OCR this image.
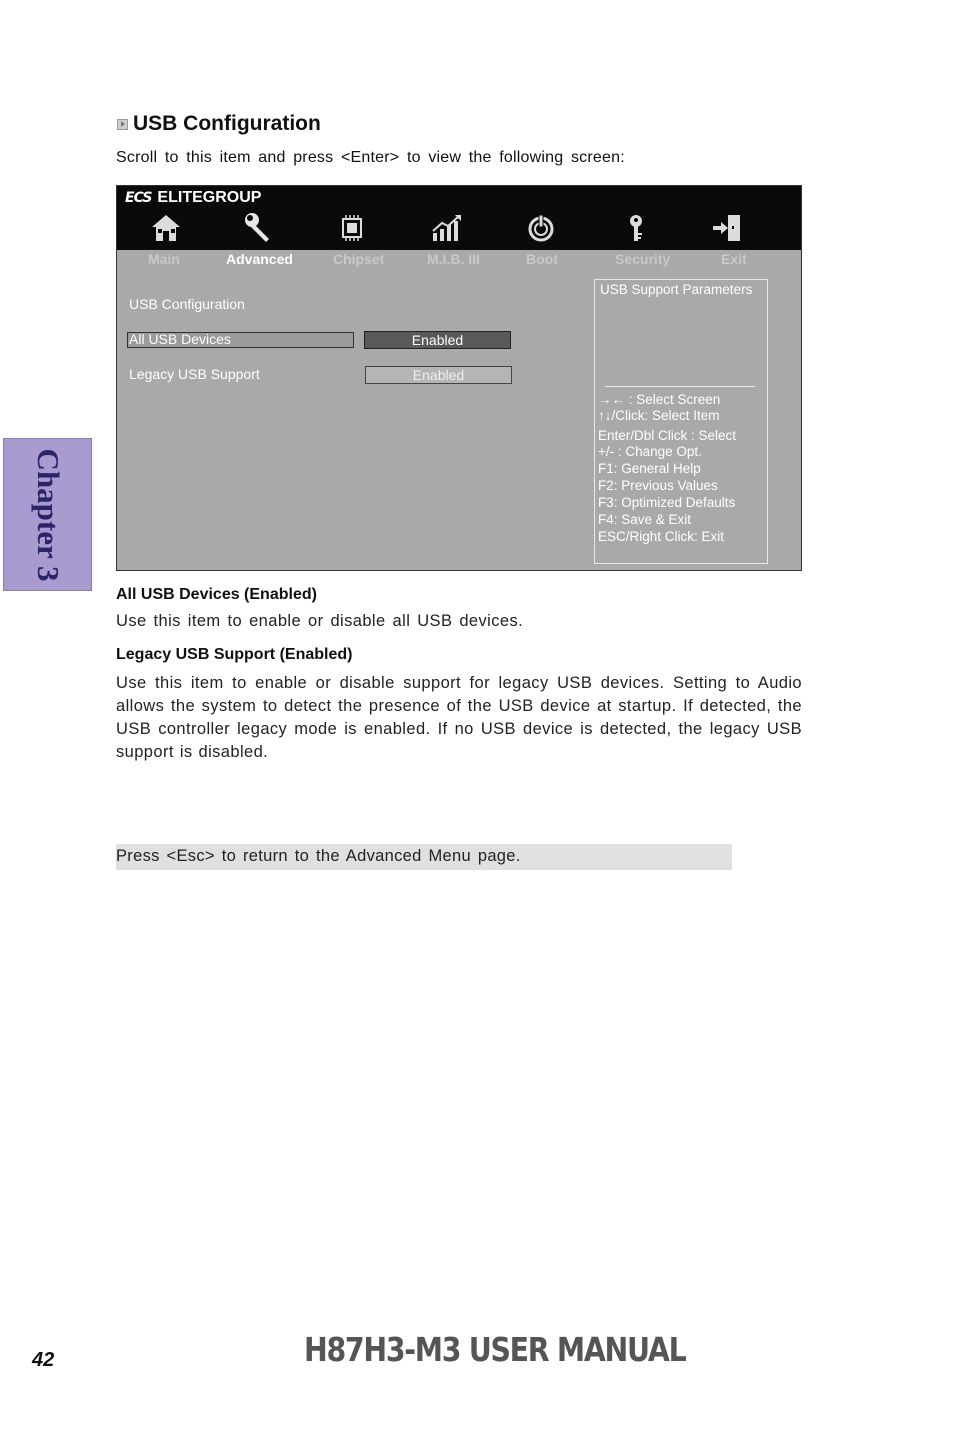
USB Configuration
Scroll to this item and press <Enter> to view the following screen:
ECS ELITEGROUP
Main	Advanced	Chipset	M.I.B. III	Boot	Security	Exit
USB Configuration
All USB Devices	Enabled
Legacy USB Support	Enabled
USB Support Parameters
→← : Select Screen
↑↓/Click: Select Item
Enter/Dbl Click : Select
+/- : Change Opt.
F1: General Help
F2: Previous Values
F3: Optimized Defaults
F4: Save & Exit
ESC/Right Click: Exit
Chapter 3
All USB Devices (Enabled)
Use this item to enable or disable all USB devices.
Legacy USB Support (Enabled)
Use this item to enable or disable support for legacy USB devices. Setting to Audio allows the system to detect the presence of the USB device at startup. If detected, the USB controller legacy mode is enabled. If no USB device is detected, the legacy USB support is disabled.
Press <Esc> to return to the Advanced Menu page.
42	H87H3-M3 USER MANUAL
